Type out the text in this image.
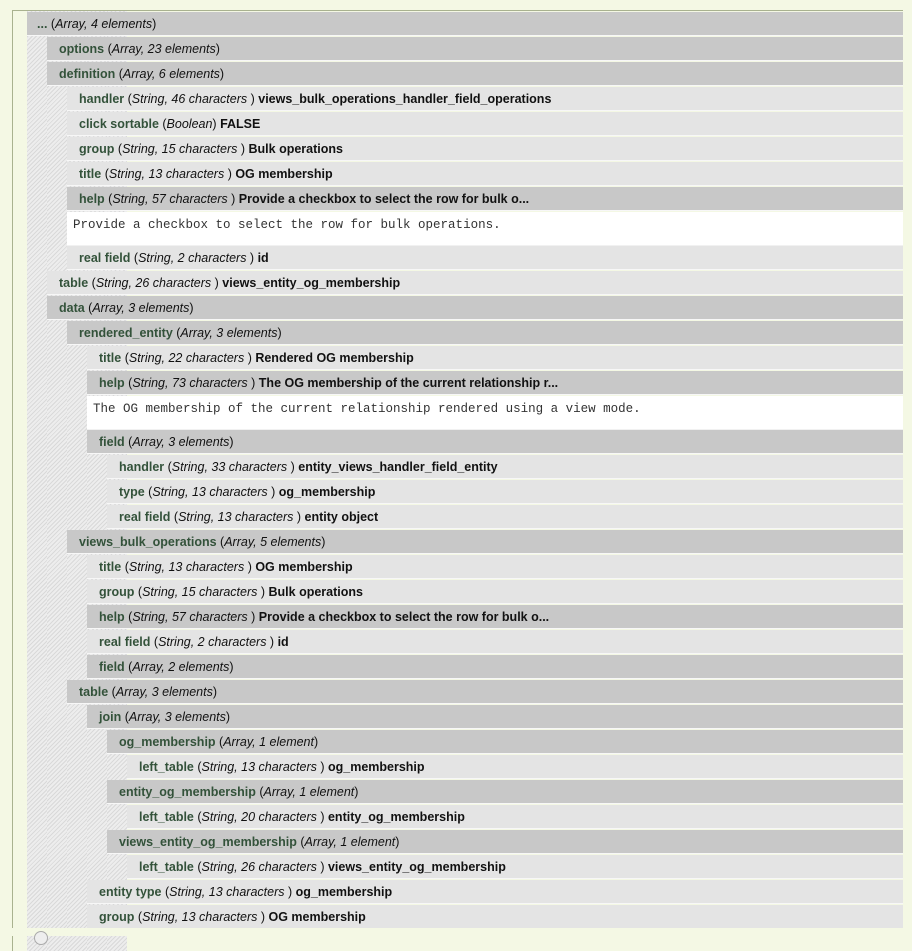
... (Array, 4 elements)
options (Array, 23 elements)
definition (Array, 6 elements)
handler (String, 46 characters ) views_bulk_operations_handler_field_operations
click sortable (Boolean) FALSE
group (String, 15 characters ) Bulk operations
title (String, 13 characters ) OG membership
help (String, 57 characters ) Provide a checkbox to select the row for bulk o...
Provide a checkbox to select the row for bulk operations.
real field (String, 2 characters ) id
table (String, 26 characters ) views_entity_og_membership
data (Array, 3 elements)
rendered_entity (Array, 3 elements)
title (String, 22 characters ) Rendered OG membership
help (String, 73 characters ) The OG membership of the current relationship r...
The OG membership of the current relationship rendered using a view mode.
field (Array, 3 elements)
handler (String, 33 characters ) entity_views_handler_field_entity
type (String, 13 characters ) og_membership
real field (String, 13 characters ) entity object
views_bulk_operations (Array, 5 elements)
title (String, 13 characters ) OG membership
group (String, 15 characters ) Bulk operations
help (String, 57 characters ) Provide a checkbox to select the row for bulk o...
real field (String, 2 characters ) id
field (Array, 2 elements)
table (Array, 3 elements)
join (Array, 3 elements)
og_membership (Array, 1 element)
left_table (String, 13 characters ) og_membership
entity_og_membership (Array, 1 element)
left_table (String, 20 characters ) entity_og_membership
views_entity_og_membership (Array, 1 element)
left_table (String, 26 characters ) views_entity_og_membership
entity type (String, 13 characters ) og_membership
group (String, 13 characters ) OG membership
